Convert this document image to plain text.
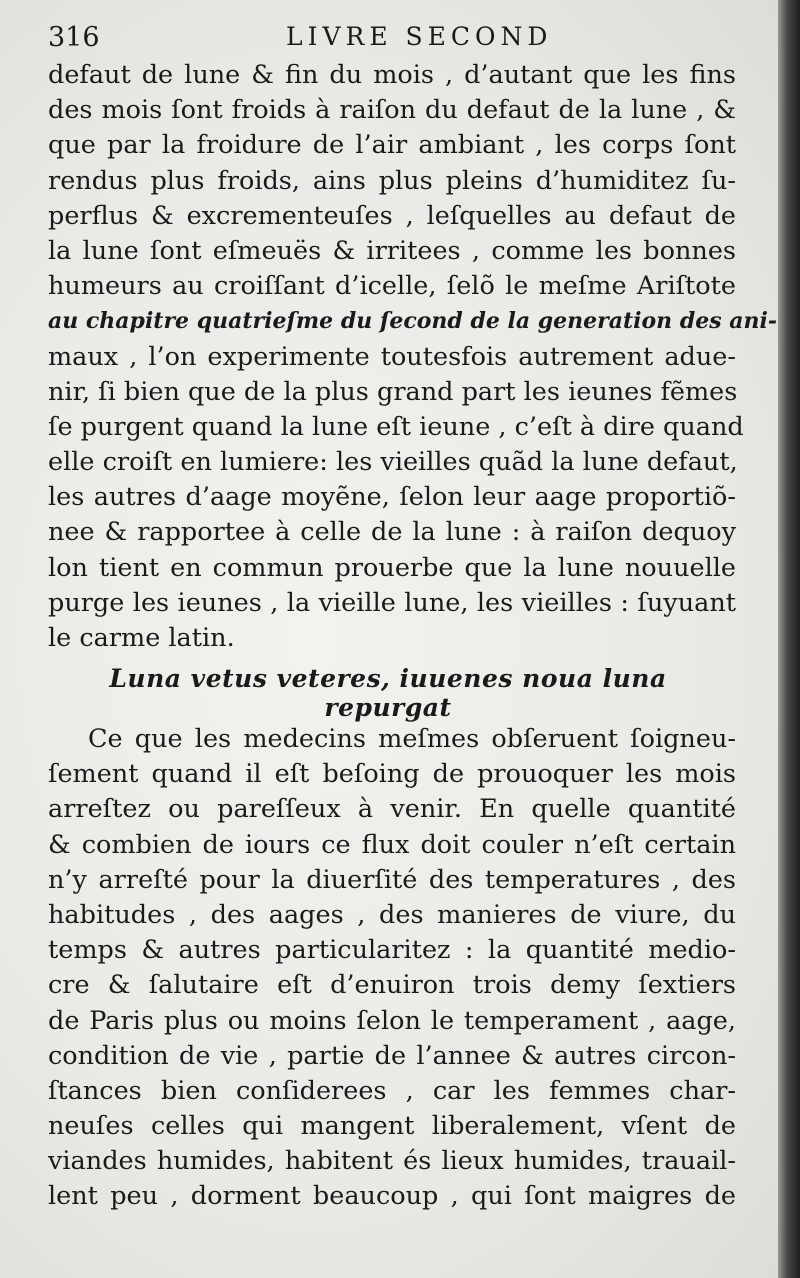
316	LIVRE SECOND
defaut de lune & fin du mois , d’autant que les fins
des mois ſont froids à raiſon du defaut de la lune , &
que par la froidure de l’air ambiant , les corps ſont
rendus plus froids, ains plus pleins d’humiditez ſu-
perflus & excrementeuſes , leſquelles au defaut de
la lune ſont eſmeuës & irritees , comme les bonnes
humeurs au croiſſant d’icelle, ſelõ le meſme Ariſtote
au chapitre quatrieſme du ſecond de la generation des ani-
maux , l’on experimente toutesfois autrement adue-
nir, ſi bien que de la plus grand part les ieunes fẽmes
ſe purgent quand la lune eſt ieune , c’eſt à dire quand
elle croiſt en lumiere: les vieilles quãd la lune defaut,
les autres d’aage moyẽne, ſelon leur aage proportiõ-
nee & rapportee à celle de la lune : à raiſon dequoy
lon tient en commun prouerbe que la lune nouuelle
purge les ieunes , la vieille lune, les vieilles : ſuyuant
le carme latin.
Luna vetus veteres, iuuenes noua luna repurgat
Ce que les medecins meſmes obſeruent ſoigneu-
ſement quand il eſt beſoing de prouoquer les mois
arreſtez ou pareſſeux à venir. En quelle quantité
& combien de iours ce flux doit couler n’eſt certain
n’y arreſté pour la diuerſité des temperatures , des
habitudes , des aages , des manieres de viure, du
temps & autres particularitez : la quantité medio-
cre & ſalutaire eſt d’enuiron trois demy ſextiers
de Paris plus ou moins ſelon le temperament , aage,
condition de vie , partie de l’annee & autres circon-
ſtances bien conſiderees , car les femmes char-
neuſes celles qui mangent liberalement, vſent de
viandes humides, habitent és lieux humides, trauail-
lent peu , dorment beaucoup , qui ſont maigres de
